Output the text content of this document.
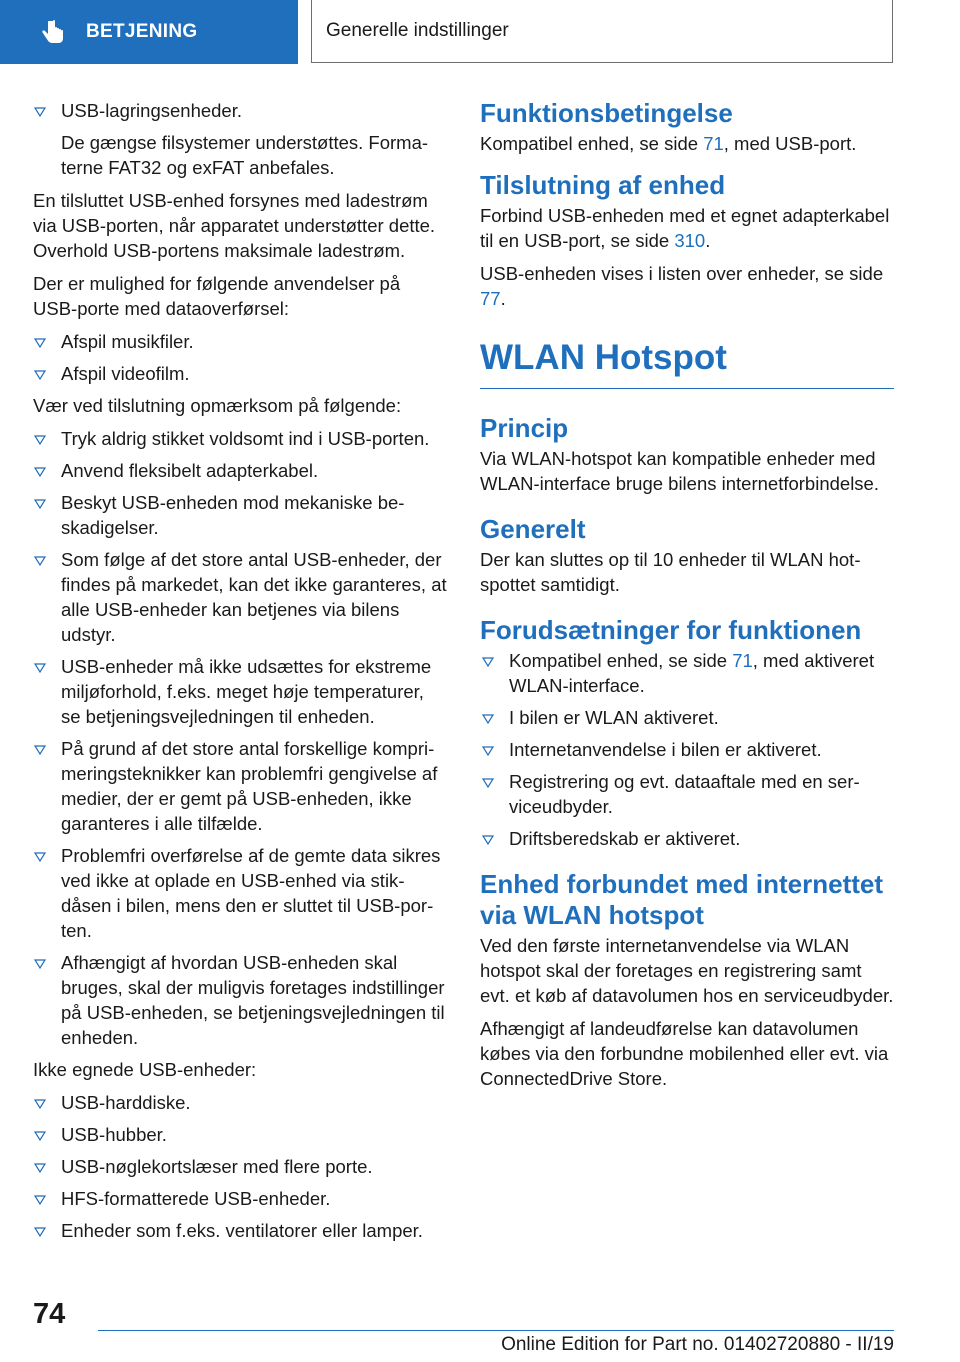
BETJENING	Generelle indstillinger
USB-lagringsenheder.
De gængse filsystemer understøttes. Formaterne FAT32 og exFAT anbefales.

En tilsluttet USB-enhed forsynes med ladestrøm via USB-porten, når apparatet understøtter dette. Overhold USB-portens maksimale ladestrøm.

Der er mulighed for følgende anvendelser på USB-porte med dataoverførsel:

Afspil musikfiler.
Afspil videofilm.

Vær ved tilslutning opmærksom på følgende:

Tryk aldrig stikket voldsomt ind i USB-porten.
Anvend fleksibelt adapterkabel.
Beskyt USB-enheden mod mekaniske beskadigelser.
Som følge af det store antal USB-enheder, der findes på markedet, kan det ikke garanteres, at alle USB-enheder kan betjenes via bilens udstyr.
USB-enheder må ikke udsættes for ekstreme miljøforhold, f.eks. meget høje temperaturer, se betjeningsvejledningen til enheden.
På grund af det store antal forskellige komprimeringsteknikker kan problemfri gengivelse af medier, der er gemt på USB-enheden, ikke garanteres i alle tilfælde.
Problemfri overførelse af de gemte data sikres ved ikke at oplade en USB-enhed via stikdåsen i bilen, mens den er sluttet til USB-porten.
Afhængigt af hvordan USB-enheden skal bruges, skal der muligvis foretages indstillinger på USB-enheden, se betjeningsvejledningen til enheden.

Ikke egnede USB-enheder:

USB-harddiske.
USB-hubber.
USB-nøglekortslæser med flere porte.
HFS-formatterede USB-enheder.
Enheder som f.eks. ventilatorer eller lamper.
Funktionsbetingelse

Kompatibel enhed, se side 71, med USB-port.

Tilslutning af enhed

Forbind USB-enheden med et egnet adapterkabel til en USB-port, se side 310.

USB-enheden vises i listen over enheder, se side 77.

WLAN Hotspot
Princip

Via WLAN-hotspot kan kompatible enheder med WLAN-interface bruge bilens internetforbindelse.

Generelt

Der kan sluttes op til 10 enheder til WLAN hotspottet samtidigt.

Forudsætninger for funktionen
Kompatibel enhed, se side 71, med aktiveret WLAN-interface.
I bilen er WLAN aktiveret.
Internetanvendelse i bilen er aktiveret.
Registrering og evt. dataaftale med en serviceudbyder.
Driftsberedskab er aktiveret.
Enhed forbundet med internettet via WLAN hotspot

Ved den første internetanvendelse via WLAN hotspot skal der foretages en registrering samt evt. et køb af datavolumen hos en serviceudbyder.

Afhængigt af landeudførelse kan datavolumen købes via den forbundne mobilenhed eller evt. via ConnectedDrive Store.

74
Online Edition for Part no. 01402720880 - II/19
